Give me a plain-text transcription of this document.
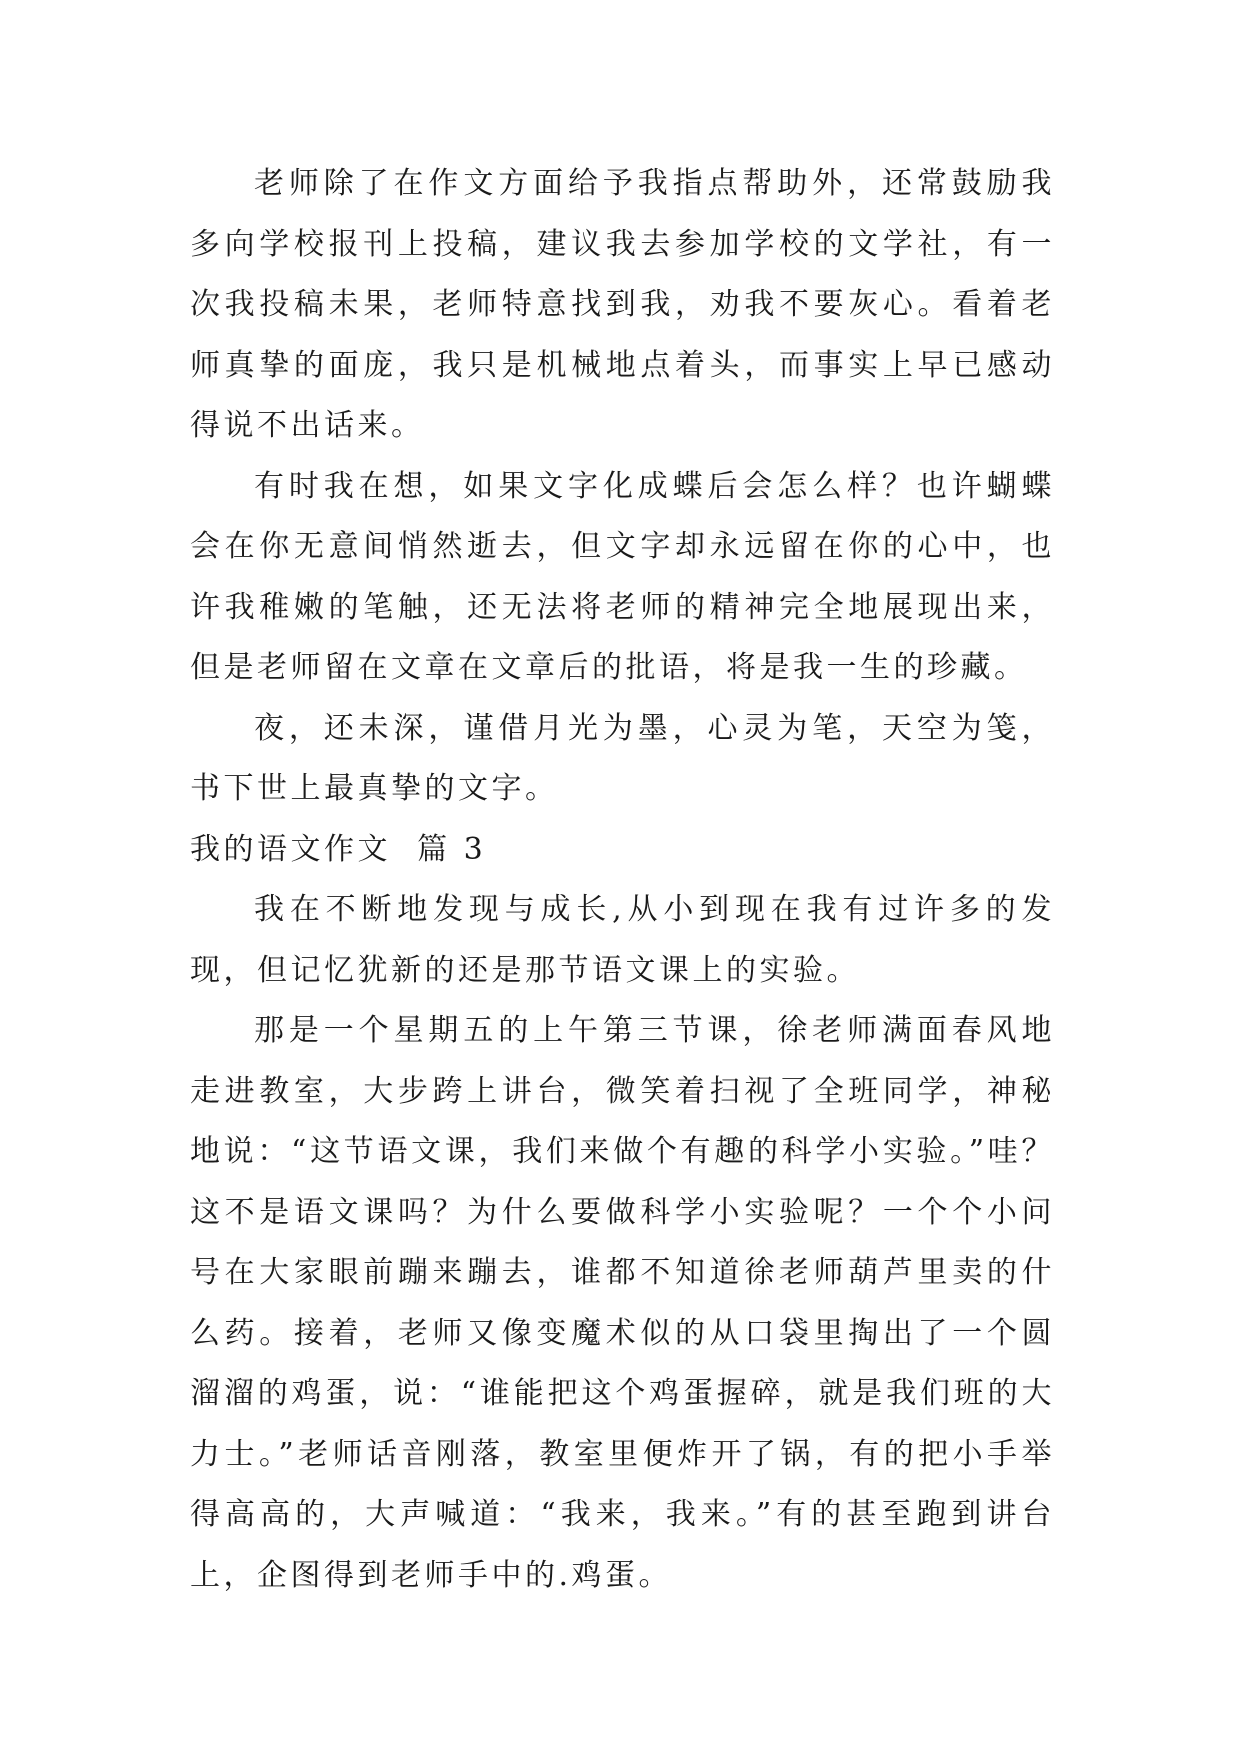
老师除了在作文方面给予我指点帮助外，还常鼓励我多向学校报刊上投稿，建议我去参加学校的文学社，有一次我投稿未果，老师特意找到我，劝我不要灰心。看着老师真挚的面庞，我只是机械地点着头，而事实上早已感动得说不出话来。

有时我在想，如果文字化成蝶后会怎么样？也许蝴蝶会在你无意间悄然逝去，但文字却永远留在你的心中，也许我稚嫩的笔触，还无法将老师的精神完全地展现出来，但是老师留在文章在文章后的批语，将是我一生的珍藏。

夜，还未深，谨借月光为墨，心灵为笔，天空为笺，书下世上最真挚的文字。

我的语文作文  篇 3

我在不断地发现与成长,从小到现在我有过许多的发现，但记忆犹新的还是那节语文课上的实验。

那是一个星期五的上午第三节课，徐老师满面春风地走进教室，大步跨上讲台，微笑着扫视了全班同学，神秘地说：“这节语文课，我们来做个有趣的科学小实验。”哇？这不是语文课吗？为什么要做科学小实验呢？一个个小问号在大家眼前蹦来蹦去，谁都不知道徐老师葫芦里卖的什么药。接着，老师又像变魔术似的从口袋里掏出了一个圆溜溜的鸡蛋，说：“谁能把这个鸡蛋握碎，就是我们班的大力士。”老师话音刚落，教室里便炸开了锅，有的把小手举得高高的，大声喊道：“我来，我来。”有的甚至跑到讲台上，企图得到老师手中的.鸡蛋。
